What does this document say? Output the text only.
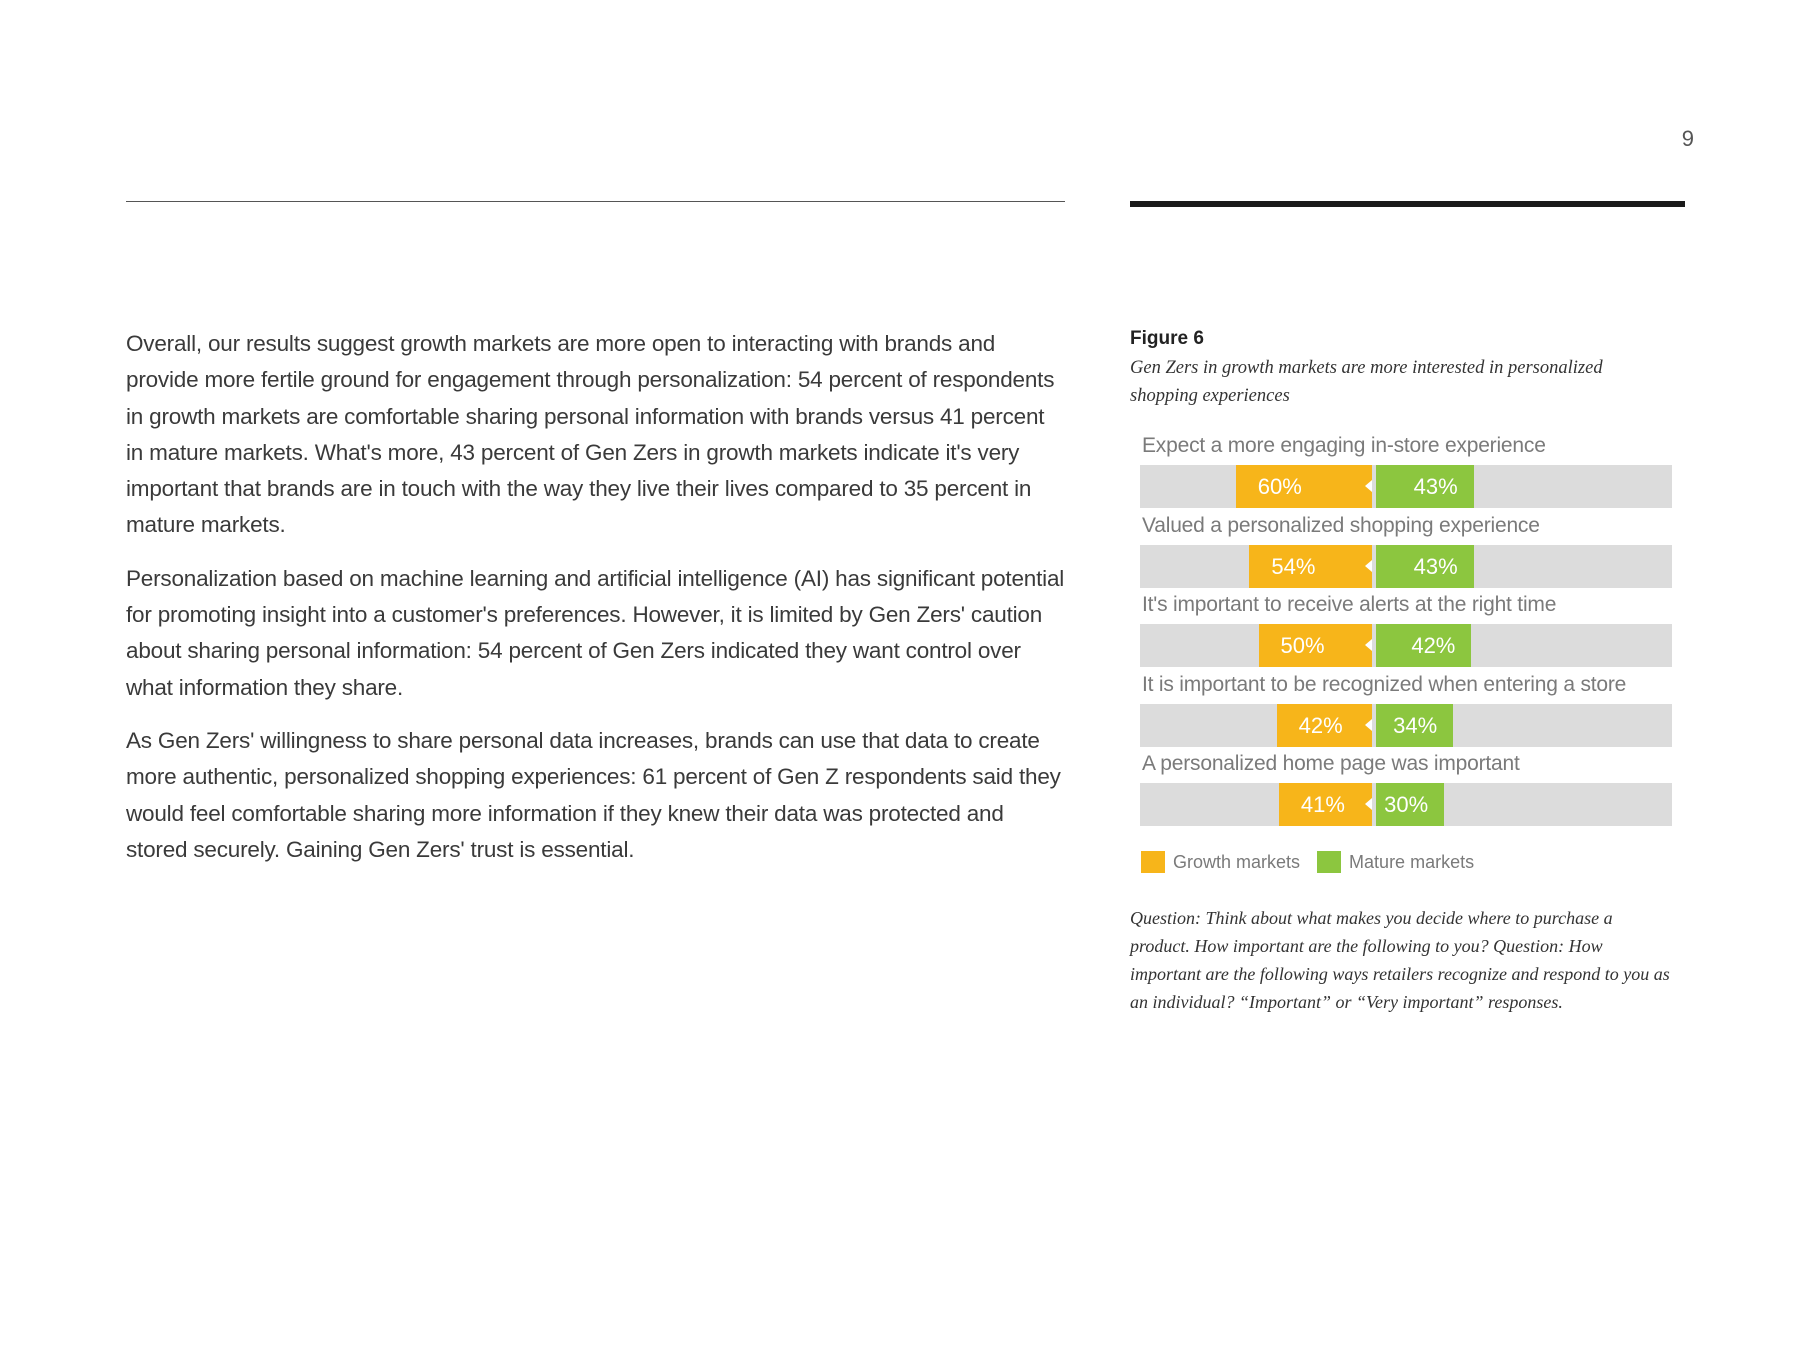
9

Overall, our results suggest growth markets are more open to interacting with brands and provide more fertile ground for engagement through personalization: 54 percent of respondents in growth markets are comfortable sharing personal information with brands versus 41 percent in mature markets. What's more, 43 percent of Gen Zers in growth markets indicate it's very important that brands are in touch with the way they live their lives compared to 35 percent in mature markets.

Personalization based on machine learning and artificial intelligence (AI) has significant potential for promoting insight into a customer's preferences. However, it is limited by Gen Zers' caution about sharing personal information: 54 percent of Gen Zers indicated they want control over what information they share.

As Gen Zers' willingness to share personal data increases, brands can use that data to create more authentic, personalized shopping experiences: 61 percent of Gen Z respondents said they would feel comfortable sharing more information if they knew their data was protected and stored securely. Gaining Gen Zers' trust is essential.

Figure 6

Gen Zers in growth markets are more interested in personalized shopping experiences

Expect a more engaging in-store experience
60%	43%
Valued a personalized shopping experience
54%	43%
It's important to receive alerts at the right time
50%	42%
It is important to be recognized when entering a store
42% 34%
A personalized home page was important
41% 30%
Growth markets
	Mature markets

Question: Think about what makes you decide where to purchase a product. How important are the following to you? Question: How important are the following ways retailers recognize and respond to you as an individual? “Important” or “Very important” responses.
